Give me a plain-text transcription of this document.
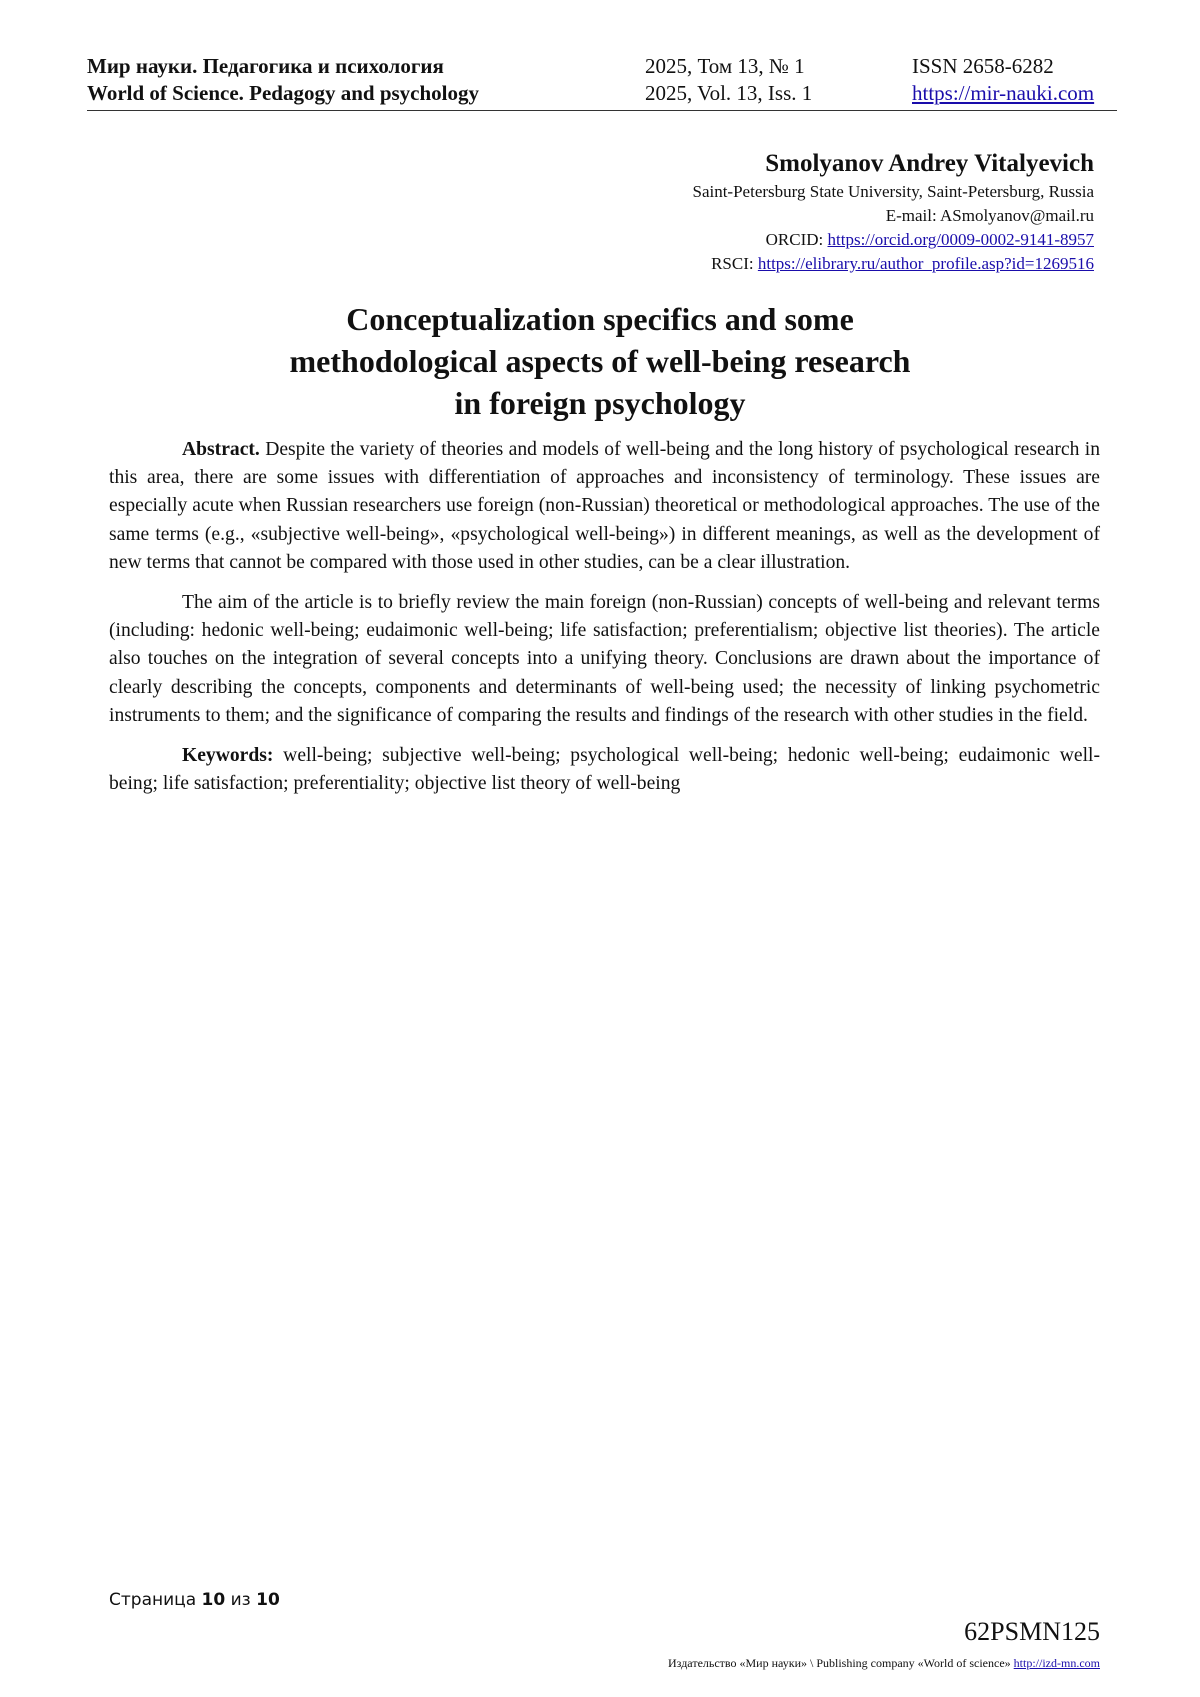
Мир науки. Педагогика и психология	2025, Том 13, № 1	ISSN 2658-6282
World of Science. Pedagogy and psychology	2025, Vol. 13, Iss. 1	https://mir-nauki.com
Smolyanov Andrey Vitalyevich
Saint-Petersburg State University, Saint-Petersburg, Russia
E-mail: ASmolyanov@mail.ru
ORCID: https://orcid.org/0009-0002-9141-8957
RSCI: https://elibrary.ru/author_profile.asp?id=1269516
Conceptualization specifics and some
methodological aspects of well-being research
in foreign psychology

Abstract. Despite the variety of theories and models of well-being and the long history of psychological research in this area, there are some issues with differentiation of approaches and inconsistency of terminology. These issues are especially acute when Russian researchers use foreign (non-Russian) theoretical or methodological approaches. The use of the same terms (e.g., «subjective well-being», «psychological well-being») in different meanings, as well as the development of new terms that cannot be compared with those used in other studies, can be a clear illustration.

The aim of the article is to briefly review the main foreign (non-Russian) concepts of well-being and relevant terms (including: hedonic well-being; eudaimonic well-being; life satisfaction; preferentialism; objective list theories). The article also touches on the integration of several concepts into a unifying theory. Conclusions are drawn about the importance of clearly describing the concepts, components and determinants of well-being used; the necessity of linking psychometric instruments to them; and the significance of comparing the results and findings of the research with other studies in the field.

Keywords: well-being; subjective well-being; psychological well-being; hedonic well-being; eudaimonic well-being; life satisfaction; preferentiality; objective list theory of well-being

Страница 10 из 10
62PSMN125
Издательство «Мир науки» \ Publishing company «World of science» http://izd-mn.com
